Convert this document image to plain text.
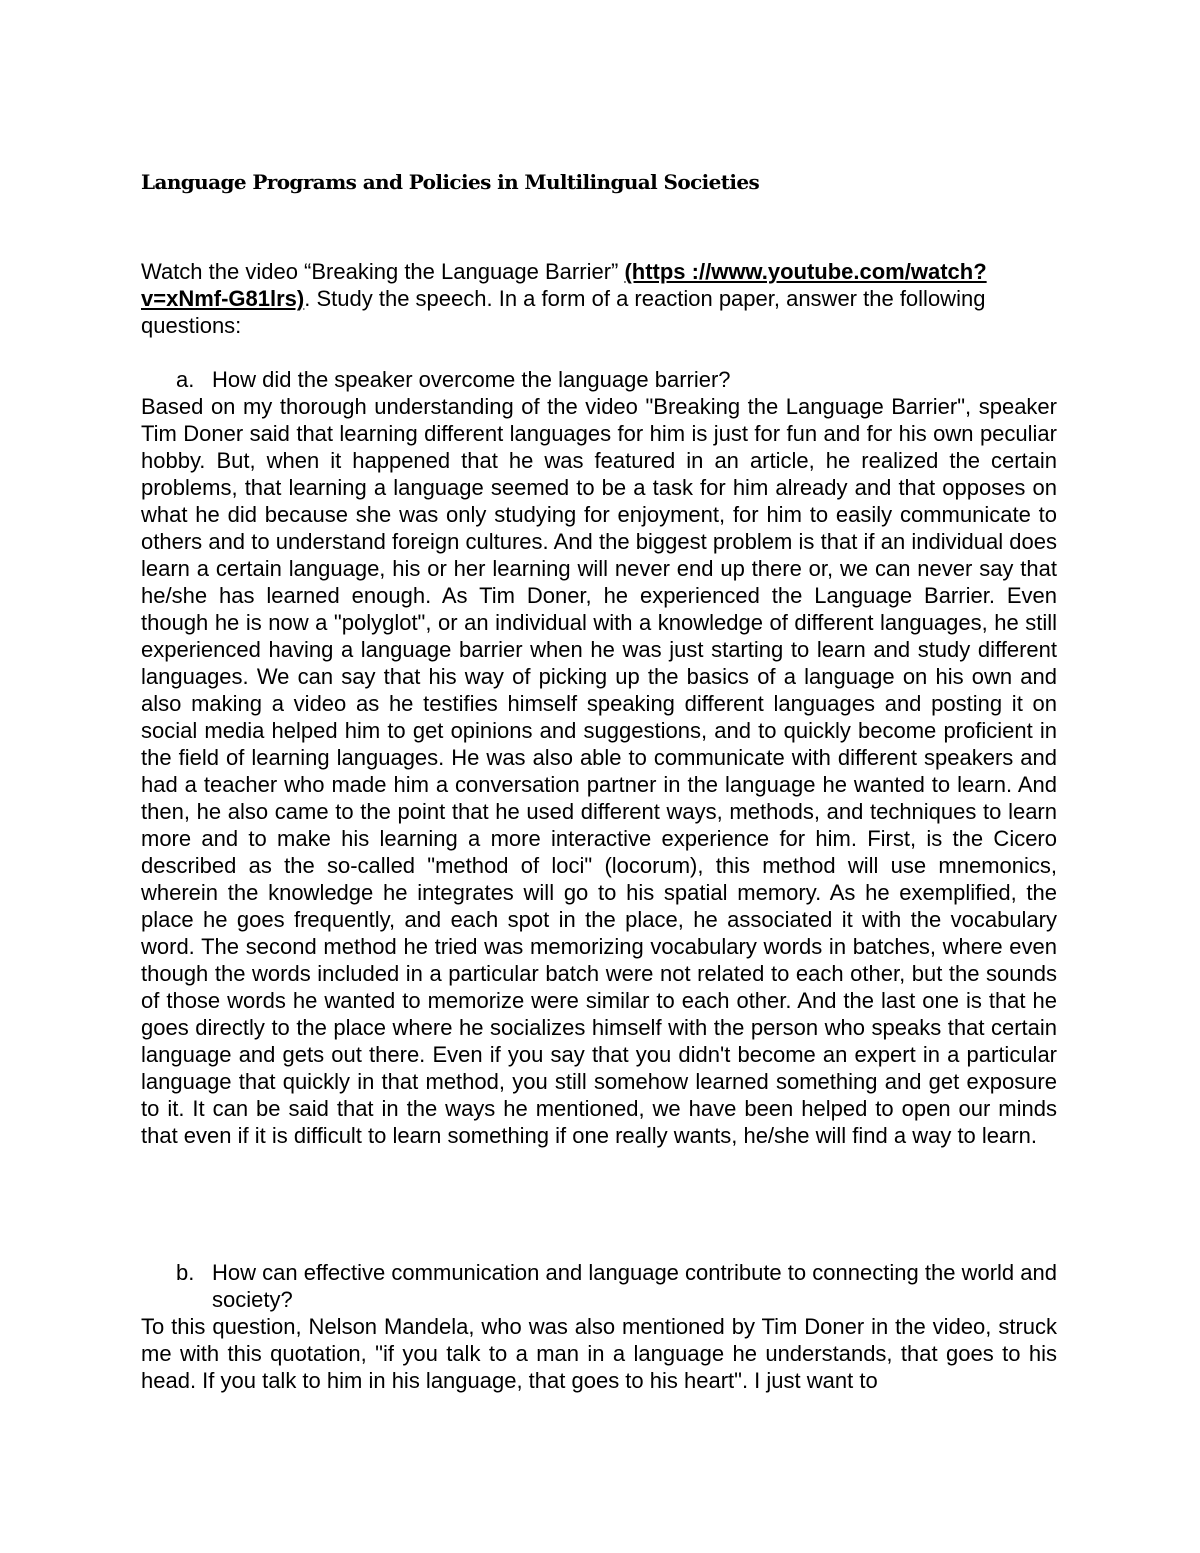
Language Programs and Policies in Multilingual Societies

Watch the video “Breaking the Language Barrier” (https ://www.youtube.com/watch? v=xNmf-G81lrs). Study the speech. In a form of a reaction paper, answer the following questions:

a. How did the speaker overcome the language barrier?

Based on my thorough understanding of the video "Breaking the Language Barrier", speaker Tim Doner said that learning different languages for him is just for fun and for his own peculiar hobby. But, when it happened that he was featured in an article, he realized the certain problems, that learning a language seemed to be a task for him already and that opposes on what he did because she was only studying for enjoyment, for him to easily communicate to others and to understand foreign cultures. And the biggest problem is that if an individual does learn a certain language, his or her learning will never end up there or, we can never say that he/she has learned enough. As Tim Doner, he experienced the Language Barrier. Even though he is now a "polyglot", or an individual with a knowledge of different languages, he still experienced having a language barrier when he was just starting to learn and study different languages. We can say that his way of picking up the basics of a language on his own and also making a video as he testifies himself speaking different languages and posting it on social media helped him to get opinions and suggestions, and to quickly become proficient in the field of learning languages. He was also able to communicate with different speakers and had a teacher who made him a conversation partner in the language he wanted to learn. And then, he also came to the point that he used different ways, methods, and techniques to learn more and to make his learning a more interactive experience for him. First, is the Cicero described as the so-called "method of loci" (locorum), this method will use mnemonics, wherein the knowledge he integrates will go to his spatial memory. As he exemplified, the place he goes frequently, and each spot in the place, he associated it with the vocabulary word. The second method he tried was memorizing vocabulary words in batches, where even though the words included in a particular batch were not related to each other, but the sounds of those words he wanted to memorize were similar to each other. And the last one is that he goes directly to the place where he socializes himself with the person who speaks that certain language and gets out there. Even if you say that you didn't become an expert in a particular language that quickly in that method, you still somehow learned something and get exposure to it. It can be said that in the ways he mentioned, we have been helped to open our minds that even if it is difficult to learn something if one really wants, he/she will find a way to learn.

b. How can effective communication and language contribute to connecting the world and society?

To this question, Nelson Mandela, who was also mentioned by Tim Doner in the video, struck me with this quotation, "if you talk to a man in a language he understands, that goes to his head. If you talk to him in his language, that goes to his heart". I just want to
